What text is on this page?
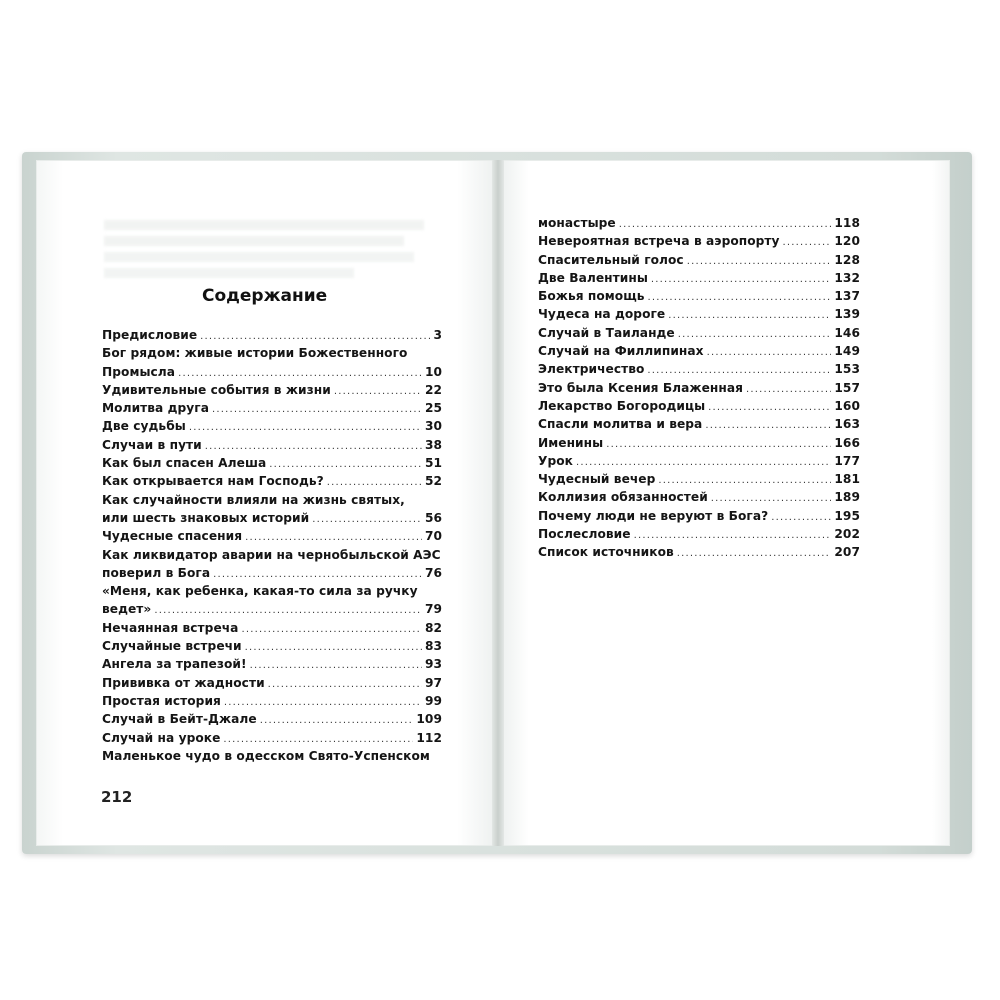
Содержание
Предисловие .....	3
Бог рядом: живые истории Божественного
Промысла .....	10
Удивительные события в жизни .....	22
Молитва друга .....	25
Две судьбы .....	30
Случаи в пути .....	38
Как был спасен Алеша .....	51
Как открывается нам Господь? .....	52
Как случайности влияли на жизнь святых,
или шесть знаковых историй .....	56
Чудесные спасения .....	70
Как ликвидатор аварии на чернобыльской АЭС
поверил в Бога .....	76
«Меня, как ребенка, какая-то сила за ручку
ведет» .....	79
Нечаянная встреча .....	82
Случайные встречи .....	83
Ангела за трапезой! .....	93
Прививка от жадности .....	97
Простая история .....	99
Случай в Бейт-Джале .....	109
Случай на уроке .....	112
Маленькое чудо в одесском Свято-Успенском
монастыре .....	118
Невероятная встреча в аэропорту .....	120
Спасительный голос .....	128
Две Валентины .....	132
Божья помощь .....	137
Чудеса на дороге .....	139
Случай в Таиланде .....	146
Случай на Филлипинах .....	149
Электричество .....	153
Это была Ксения Блаженная .....	157
Лекарство Богородицы .....	160
Спасли молитва и вера .....	163
Именины .....	166
Урок .....	177
Чудесный вечер .....	181
Коллизия обязанностей .....	189
Почему люди не веруют в Бога? .....	195
Послесловие .....	202
Список источников .....	207
212
